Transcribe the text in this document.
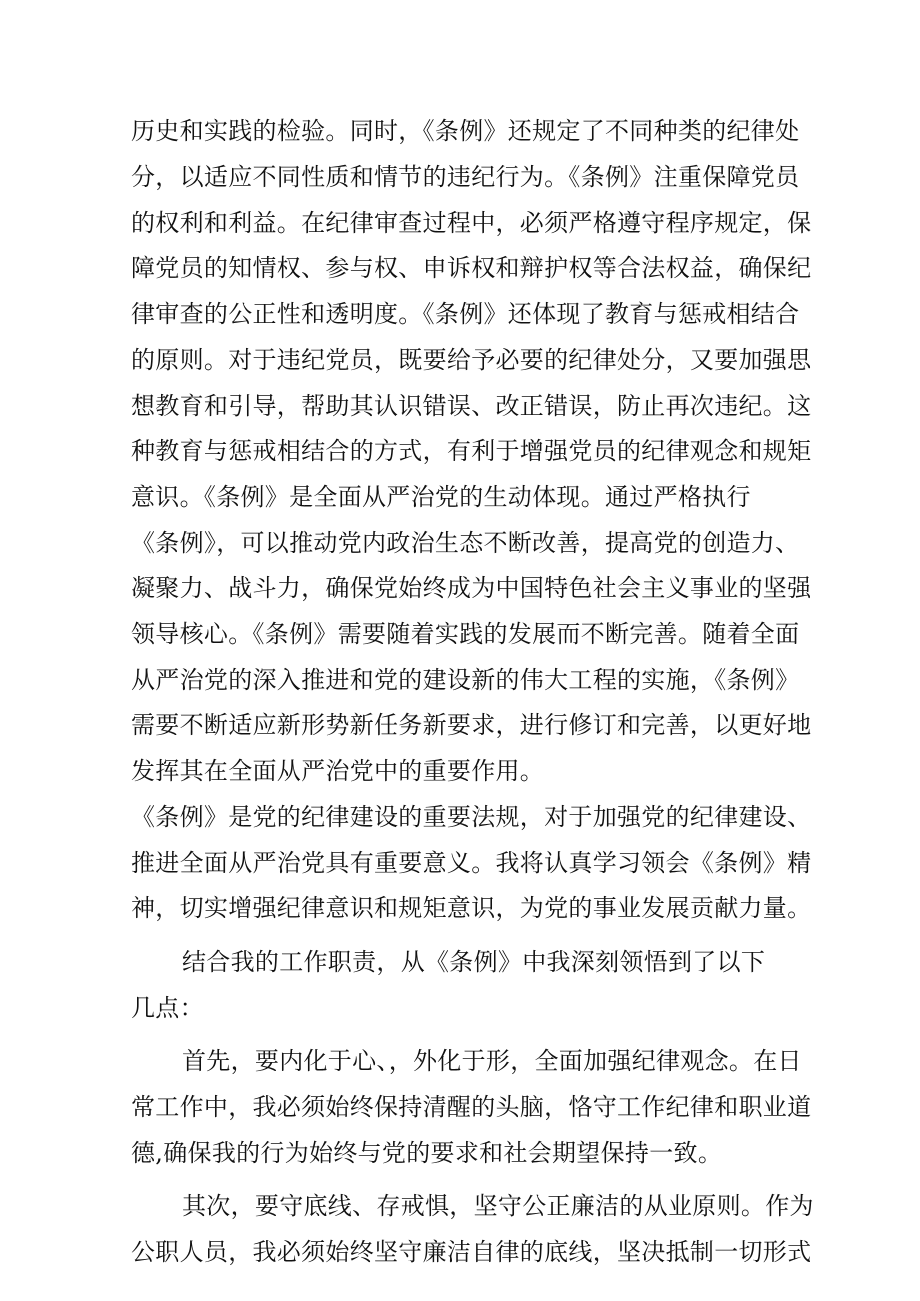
历史和实践的检验。同时，《条例》还规定了不同种类的纪律处
分，以适应不同性质和情节的违纪行为。《条例》注重保障党员
的权利和利益。在纪律审查过程中，必须严格遵守程序规定，保
障党员的知情权、参与权、申诉权和辩护权等合法权益，确保纪
律审查的公正性和透明度。《条例》还体现了教育与惩戒相结合
的原则。对于违纪党员，既要给予必要的纪律处分，又要加强思
想教育和引导，帮助其认识错误、改正错误，防止再次违纪。这
种教育与惩戒相结合的方式，有利于增强党员的纪律观念和规矩
意识。《条例》是全面从严治党的生动体现。通过严格执行
《条例》，可以推动党内政治生态不断改善，提高党的创造力、
凝聚力、战斗力，确保党始终成为中国特色社会主义事业的坚强
领导核心。《条例》需要随着实践的发展而不断完善。随着全面
从严治党的深入推进和党的建设新的伟大工程的实施，《条例》
需要不断适应新形势新任务新要求，进行修订和完善，以更好地
发挥其在全面从严治党中的重要作用。
《条例》是党的纪律建设的重要法规，对于加强党的纪律建设、
推进全面从严治党具有重要意义。我将认真学习领会《条例》精
神，切实增强纪律意识和规矩意识，为党的事业发展贡献力量。
结合我的工作职责，从《条例》中我深刻领悟到了以下
几点：
首先，要内化于心、，外化于形，全面加强纪律观念。在日
常工作中，我必须始终保持清醒的头脑，恪守工作纪律和职业道
德,确保我的行为始终与党的要求和社会期望保持一致。
其次，要守底线、存戒惧，坚守公正廉洁的从业原则。作为
公职人员，我必须始终坚守廉洁自律的底线，坚决抵制一切形式
